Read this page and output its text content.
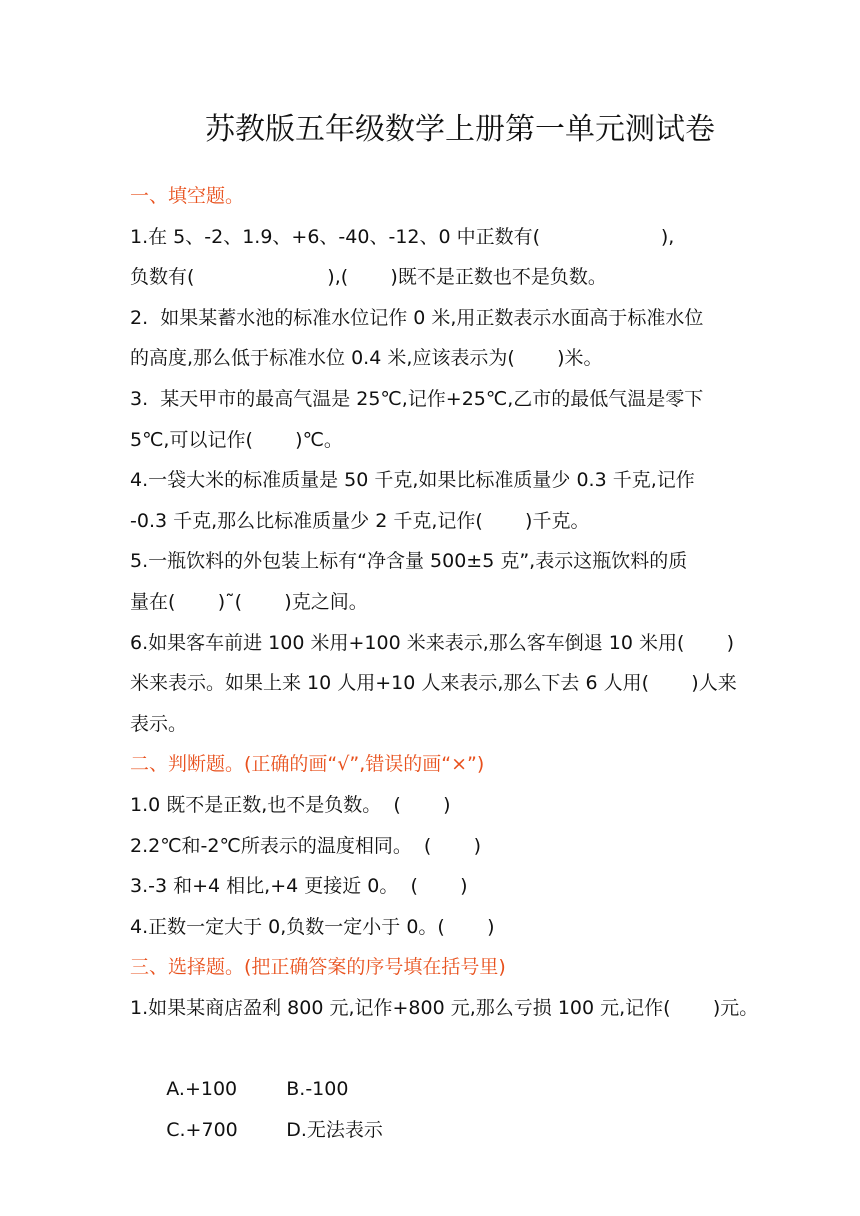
苏教版五年级数学上册第一单元测试卷
一、填空题。
1.在 5、-2、1.9、+6、-40、-12、0 中正数有(                    ),
负数有(                      ),(       )既不是正数也不是负数。
2.  如果某蓄水池的标准水位记作 0 米,用正数表示水面高于标准水位
的高度,那么低于标准水位 0.4 米,应该表示为(       )米。
3.  某天甲市的最高气温是 25℃,记作+25℃,乙市的最低气温是零下
5℃,可以记作(       )℃。
4.一袋大米的标准质量是 50 千克,如果比标准质量少 0.3 千克,记作
-0.3 千克,那么比标准质量少 2 千克,记作(       )千克。
5.一瓶饮料的外包装上标有“净含量 500±5 克”,表示这瓶饮料的质
量在(       )˜(       )克之间。
6.如果客车前进 100 米用+100 米来表示,那么客车倒退 10 米用(       )
米来表示。如果上来 10 人用+10 人来表示,那么下去 6 人用(       )人来
表示。
二、判断题。(正确的画“√”,错误的画“×”)
1.0 既不是正数,也不是负数。  (       )
2.2℃和-2℃所表示的温度相同。  (       )
3.-3 和+4 相比,+4 更接近 0。  (       )
4.正数一定大于 0,负数一定小于 0。(       )
三、选择题。(把正确答案的序号填在括号里)
1.如果某商店盈利 800 元,记作+800 元,那么亏损 100 元,记作(       )元。

A.+100	B.-100

C.+700	D.无法表示
